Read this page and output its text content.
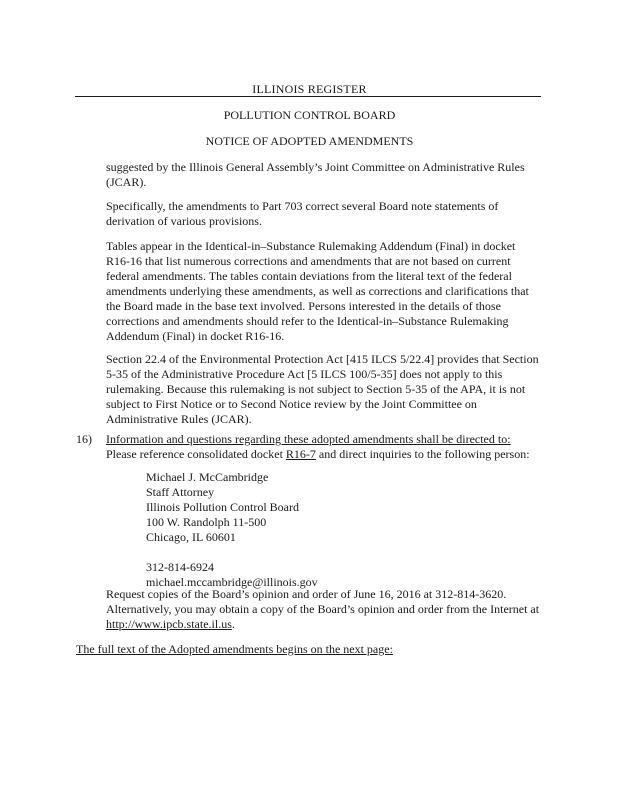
ILLINOIS REGISTER
POLLUTION CONTROL BOARD
NOTICE OF ADOPTED AMENDMENTS

suggested by the Illinois General Assembly’s Joint Committee on Administrative Rules (JCAR).

Specifically, the amendments to Part 703 correct several Board note statements of derivation of various provisions.

Tables appear in the Identical-in–Substance Rulemaking Addendum (Final) in docket R16-16 that list numerous corrections and amendments that are not based on current federal amendments. The tables contain deviations from the literal text of the federal amendments underlying these amendments, as well as corrections and clarifications that the Board made in the base text involved. Persons interested in the details of those corrections and amendments should refer to the Identical-in–Substance Rulemaking Addendum (Final) in docket R16-16.

Section 22.4 of the Environmental Protection Act [415 ILCS 5/22.4] provides that Section 5-35 of the Administrative Procedure Act [5 ILCS 100/5-35] does not apply to this rulemaking. Because this rulemaking is not subject to Section 5-35 of the APA, it is not subject to First Notice or to Second Notice review by the Joint Committee on Administrative Rules (JCAR).

16) Information and questions regarding these adopted amendments shall be directed to:
Please reference consolidated docket R16-7 and direct inquiries to the following person:
Michael J. McCambridge
Staff Attorney
Illinois Pollution Control Board
100 W. Randolph 11-500
Chicago, IL 60601
312-814-6924
michael.mccambridge@illinois.gov

Request copies of the Board’s opinion and order of June 16, 2016 at 312-814-3620. Alternatively, you may obtain a copy of the Board’s opinion and order from the Internet at http://www.ipcb.state.il.us.

The full text of the Adopted amendments begins on the next page:
